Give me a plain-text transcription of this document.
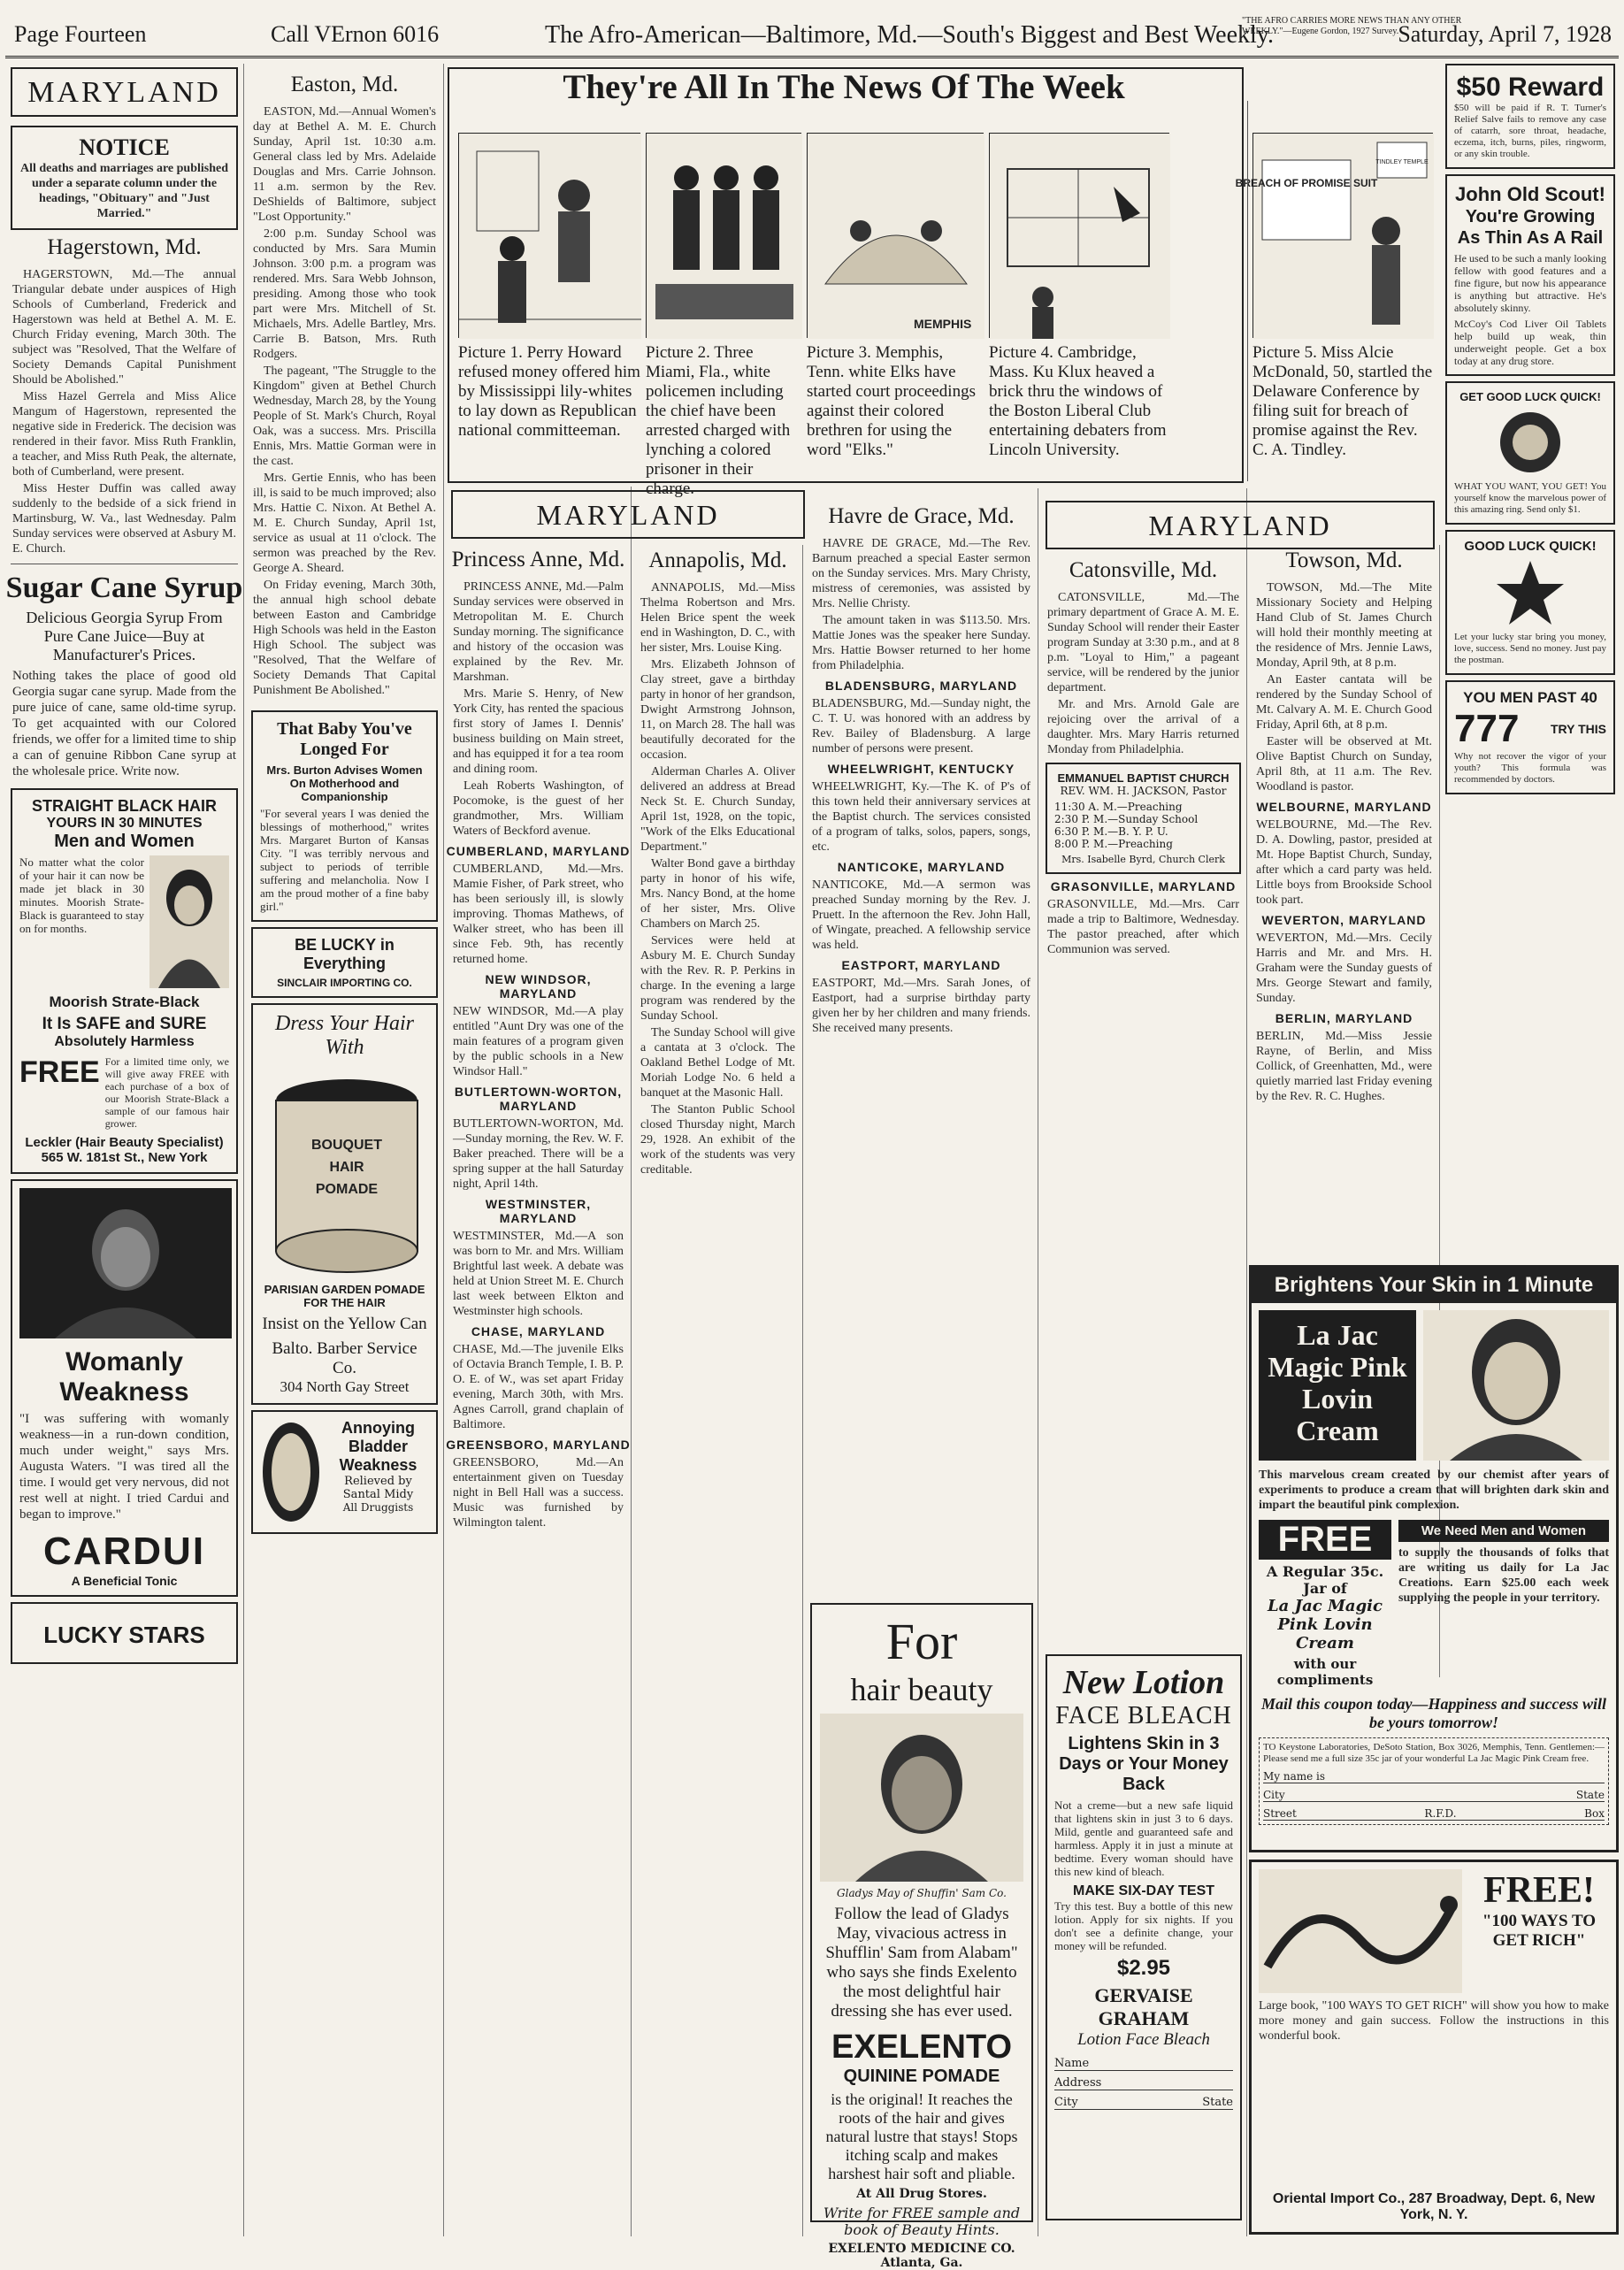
Page Fourteen	Call VErnon 6016	The Afro-American—Baltimore, Md.—South's Biggest and Best Weekly.
"THE AFRO CARRIES MORE NEWS THAN ANY OTHER WEEKLY."—Eugene Gordon, 1927 Survey. Saturday, April 7, 1928
MARYLAND
NOTICE
All deaths and marriages are published under a separate column under the headings, "Obituary" and "Just Married."
Hagerstown, Md.

HAGERSTOWN, Md.—The annual Triangular debate under auspices of High Schools of Cumberland, Frederick and Hagerstown was held at Bethel A. M. E. Church Friday evening, March 30th. The subject was "Resolved, That the Welfare of Society Demands Capital Punishment Should be Abolished."

Miss Hazel Gerrela and Miss Alice Mangum of Hagerstown, represented the negative side in Frederick. The decision was rendered in their favor. Miss Ruth Franklin, a teacher, and Miss Ruth Peak, the alternate, both of Cumberland, were present.

Miss Hester Duffin was called away suddenly to the bedside of a sick friend in Martinsburg, W. Va., last Wednesday. Palm Sunday services were observed at Asbury M. E. Church.

Sugar Cane Syrup
Delicious Georgia Syrup From Pure Cane Juice—Buy at Manufacturer's Prices.
Nothing takes the place of good old Georgia sugar cane syrup. Made from the pure juice of cane, same old-time syrup. To get acquainted with our Colored friends, we offer for a limited time to ship a can of genuine Ribbon Cane syrup at the wholesale price. Write now.
STRAIGHT BLACK HAIR
YOURS IN 30 MINUTES
Men and Women
No matter what the color of your hair it can now be made jet black in 30 minutes. Moorish Strate-Black is guaranteed to stay on for months.
Moorish Strate-Black
It Is SAFE and SURE
Absolutely Harmless
FREE For a limited time only, we will give away FREE with each purchase of a box of our Moorish Strate-Black a sample of our famous hair grower.
Leckler (Hair Beauty Specialist) 565 W. 181st St., New York
Womanly Weakness
"I was suffering with womanly weakness—in a run-down condition, much under weight," says Mrs. Augusta Waters. "I was tired all the time. I would get very nervous, did not rest well at night. I tried Cardui and began to improve."
CARDUI
A Beneficial Tonic
LUCKY STARS
Easton, Md.

EASTON, Md.—Annual Women's day at Bethel A. M. E. Church Sunday, April 1st. 10:30 a.m. General class led by Mrs. Adelaide Douglas and Mrs. Carrie Johnson. 11 a.m. sermon by the Rev. DeShields of Baltimore, subject "Lost Opportunity."

2:00 p.m. Sunday School was conducted by Mrs. Sara Mumin Johnson. 3:00 p.m. a program was rendered. Mrs. Sara Webb Johnson, presiding. Among those who took part were Mrs. Mitchell of St. Michaels, Mrs. Adelle Bartley, Mrs. Carrie B. Batson, Mrs. Ruth Rodgers.

The pageant, "The Struggle to the Kingdom" given at Bethel Church Wednesday, March 28, by the Young People of St. Mark's Church, Royal Oak, was a success. Mrs. Priscilla Ennis, Mrs. Mattie Gorman were in the cast.

Mrs. Gertie Ennis, who has been ill, is said to be much improved; also Mrs. Hattie C. Nixon. At Bethel A. M. E. Church Sunday, April 1st, service as usual at 11 o'clock. The sermon was preached by the Rev. George A. Sheard.

On Friday evening, March 30th, the annual high school debate between Easton and Cambridge High Schools was held in the Easton High School. The subject was "Resolved, That the Welfare of Society Demands That Capital Punishment Be Abolished."

That Baby You've Longed For
Mrs. Burton Advises Women On Motherhood and Companionship
"For several years I was denied the blessings of motherhood," writes Mrs. Margaret Burton of Kansas City. "I was terribly nervous and subject to periods of terrible suffering and melancholia. Now I am the proud mother of a fine baby girl."
BE LUCKY in Everything
SINCLAIR IMPORTING CO.
Dress Your Hair With
BOUQUET
HAIR
POMADE
PARISIAN GARDEN POMADE FOR THE HAIR
Insist on the Yellow Can
Balto. Barber Service Co.
304 North Gay Street
Annoying Bladder Weakness
Relieved by Santal Midy
All Druggists
They're All In The News Of The Week
MEMPHIS
BREACH OF PROMISE SUIT
TINDLEY TEMPLE
Picture 1. Perry Howard refused money offered him by Mississippi lily-whites to lay down as Republican national committeeman.
Picture 2. Three Miami, Fla., white policemen including the chief have been arrested charged with lynching a colored prisoner in their charge.
Picture 3. Memphis, Tenn. white Elks have started court proceedings against their colored brethren for using the word "Elks."
Picture 4. Cambridge, Mass. Ku Klux heaved a brick thru the windows of the Boston Liberal Club entertaining debaters from Lincoln University.
Picture 5. Miss Alcie McDonald, 50, startled the Delaware Conference by filing suit for breach of promise against the Rev. C. A. Tindley.
MARYLAND
Princess Anne, Md.

PRINCESS ANNE, Md.—Palm Sunday services were observed in Metropolitan M. E. Church Sunday morning. The significance and history of the occasion was explained by the Rev. Mr. Marshman.

Mrs. Marie S. Henry, of New York City, has rented the spacious first story of James I. Dennis' business building on Main street, and has equipped it for a tea room and dining room.

Leah Roberts Washington, of Pocomoke, is the guest of her grandmother, Mrs. William Waters of Beckford avenue.

CUMBERLAND, MARYLAND
CUMBERLAND, Md.—Mrs. Mamie Fisher, of Park street, who has been seriously ill, is slowly improving. Thomas Mathews, of Walker street, who has been ill since Feb. 9th, has recently returned home.
NEW WINDSOR, MARYLAND
NEW WINDSOR, Md.—A play entitled "Aunt Dry was one of the main features of a program given by the public schools in a New Windsor Hall."
BUTLERTOWN-WORTON, MARYLAND
BUTLERTOWN-WORTON, Md.—Sunday morning, the Rev. W. F. Baker preached. There will be a spring supper at the hall Saturday night, April 14th.
WESTMINSTER, MARYLAND
WESTMINSTER, Md.—A son was born to Mr. and Mrs. William Brightful last week. A debate was held at Union Street M. E. Church last week between Elkton and Westminster high schools.
CHASE, MARYLAND
CHASE, Md.—The juvenile Elks of Octavia Branch Temple, I. B. P. O. E. of W., was set apart Friday evening, March 30th, with Mrs. Agnes Carroll, grand chaplain of Baltimore.
GREENSBORO, MARYLAND
GREENSBORO, Md.—An entertainment given on Tuesday night in Bell Hall was a success. Music was furnished by Wilmington talent.
Annapolis, Md.

ANNAPOLIS, Md.—Miss Thelma Robertson and Mrs. Helen Brice spent the week end in Washington, D. C., with her sister, Mrs. Louise King.

Mrs. Elizabeth Johnson of Clay street, gave a birthday party in honor of her grandson, Dwight Armstrong Johnson, 11, on March 28. The hall was beautifully decorated for the occasion.

Alderman Charles A. Oliver delivered an address at Bread Neck St. E. Church Sunday, April 1st, 1928, on the topic, "Work of the Elks Educational Department."

Walter Bond gave a birthday party in honor of his wife, Mrs. Nancy Bond, at the home of her sister, Mrs. Olive Chambers on March 25.

Services were held at Asbury M. E. Church Sunday with the Rev. R. P. Perkins in charge. In the evening a large program was rendered by the Sunday School.

The Sunday School will give a cantata at 3 o'clock. The Oakland Bethel Lodge of Mt. Moriah Lodge No. 6 held a banquet at the Masonic Hall.

The Stanton Public School closed Thursday night, March 29, 1928. An exhibit of the work of the students was very creditable.

Havre de Grace, Md.

HAVRE DE GRACE, Md.—The Rev. Barnum preached a special Easter sermon on the Sunday services. Mrs. Mary Christy, mistress of ceremonies, was assisted by Mrs. Nellie Christy.

The amount taken in was $113.50. Mrs. Mattie Jones was the speaker here Sunday. Mrs. Hattie Bowser returned to her home from Philadelphia.

BLADENSBURG, MARYLAND
BLADENSBURG, Md.—Sunday night, the C. T. U. was honored with an address by Rev. Bailey of Bladensburg. A large number of persons were present.
WHEELWRIGHT, KENTUCKY
WHEELWRIGHT, Ky.—The K. of P's of this town held their anniversary services at the Baptist church. The services consisted of a program of talks, solos, papers, songs, etc.
NANTICOKE, MARYLAND
NANTICOKE, Md.—A sermon was preached Sunday morning by the Rev. J. Pruett. In the afternoon the Rev. John Hall, of Wingate, preached. A fellowship service was held.
EASTPORT, MARYLAND
EASTPORT, Md.—Mrs. Sarah Jones, of Eastport, had a surprise birthday party given her by her children and many friends. She received many presents.
For
hair beauty
Gladys May of Shuffin' Sam Co.
Follow the lead of Gladys May, vivacious actress in Shufflin' Sam from Alabam" who says she finds Exelento the most delightful hair dressing she has ever used.
EXELENTO
QUININE POMADE
is the original! It reaches the roots of the hair and gives natural lustre that stays! Stops itching scalp and makes harshest hair soft and pliable.
At All Drug Stores.
Write for FREE sample and book of Beauty Hints.
EXELENTO MEDICINE CO. Atlanta, Ga.
MARYLAND
Catonsville, Md.

CATONSVILLE, Md.—The primary department of Grace A. M. E. Sunday School will render their Easter program Sunday at 3:30 p.m., and at 8 p.m. "Loyal to Him," a pageant service, will be rendered by the junior department.

Mr. and Mrs. Arnold Gale are rejoicing over the arrival of a daughter. Mrs. Mary Harris returned Monday from Philadelphia.

EMMANUEL BAPTIST CHURCH
REV. WM. H. JACKSON, Pastor
11:30 A. M.—Preaching
2:30 P. M.—Sunday School
6:30 P. M.—B. Y. P. U.
8:00 P. M.—Preaching
Mrs. Isabelle Byrd, Church Clerk
GRASONVILLE, MARYLAND
GRASONVILLE, Md.—Mrs. Carr made a trip to Baltimore, Wednesday. The pastor preached, after which Communion was served.
New Lotion
FACE BLEACH
Lightens Skin in 3 Days or Your Money Back
Not a creme—but a new safe liquid that lightens skin in just 3 to 6 days. Mild, gentle and guaranteed safe and harmless. Apply it in just a minute at bedtime. Every woman should have this new kind of bleach.
MAKE SIX-DAY TEST
Try this test. Buy a bottle of this new lotion. Apply for six nights. If you don't see a definite change, your money will be refunded.
$2.95
GERVAISE GRAHAM
Lotion Face Bleach
Name
Address
City	State
Towson, Md.

TOWSON, Md.—The Mite Missionary Society and Helping Hand Club of St. James Church will hold their monthly meeting at the residence of Mrs. Jennie Laws, Monday, April 9th, at 8 p.m.

An Easter cantata will be rendered by the Sunday School of Mt. Calvary A. M. E. Church Good Friday, April 6th, at 8 p.m.

Easter will be observed at Mt. Olive Baptist Church on Sunday, April 8th, at 11 a.m. The Rev. Woodland is pastor.

WELBOURNE, MARYLAND
WELBOURNE, Md.—The Rev. D. A. Dowling, pastor, presided at Mt. Hope Baptist Church, Sunday, after which a card party was held. Little boys from Brookside School took part.
WEVERTON, MARYLAND
WEVERTON, Md.—Mrs. Cecily Harris and Mr. and Mrs. H. Graham were the Sunday guests of Mrs. George Stewart and family, Sunday.
BERLIN, MARYLAND
BERLIN, Md.—Miss Jessie Rayne, of Berlin, and Miss Collick, of Greenhatten, Md., were quietly married last Friday evening by the Rev. R. C. Hughes.
$50 Reward
$50 will be paid if R. T. Turner's Relief Salve fails to remove any case of catarrh, sore throat, headache, eczema, itch, burns, piles, ringworm, or any skin trouble.
John Old Scout!
You're Growing As Thin As A Rail
He used to be such a manly looking fellow with good features and a fine figure, but now his appearance is anything but attractive. He's absolutely skinny.
McCoy's Cod Liver Oil Tablets help build up weak, thin underweight people. Get a box today at any drug store.
GET GOOD LUCK QUICK!
WHAT YOU WANT, YOU GET! You yourself know the marvelous power of this amazing ring. Send only $1.
GOOD LUCK QUICK!
Let your lucky star bring you money, love, success. Send no money. Just pay the postman.
YOU MEN PAST 40
777	TRY THIS
Why not recover the vigor of your youth? This formula was recommended by doctors.
Brightens Your Skin in 1 Minute
La Jac Magic Pink Lovin Cream
This marvelous cream created by our chemist after years of experiments to produce a cream that will brighten dark skin and impart the beautiful pink complexion.
FREE
A Regular 35c. Jar of
La Jac Magic Pink Lovin Cream
with our compliments
We Need Men and Women
to supply the thousands of folks that are writing us daily for La Jac Creations. Earn $25.00 each week supplying the people in your territory.
Mail this coupon today—Happiness and success will be yours tomorrow!
TO Keystone Laboratories, DeSoto Station, Box 3026, Memphis, Tenn. Gentlemen:—Please send me a full size 35c jar of your wonderful La Jac Magic Pink Cream free.
My name is
City	State
Street	R.F.D.	Box
FREE!
"100 WAYS TO GET RICH"
Large book, "100 WAYS TO GET RICH" will show you how to make more money and gain success. Follow the instructions in this wonderful book.
Oriental Import Co., 287 Broadway, Dept. 6, New York, N. Y.
